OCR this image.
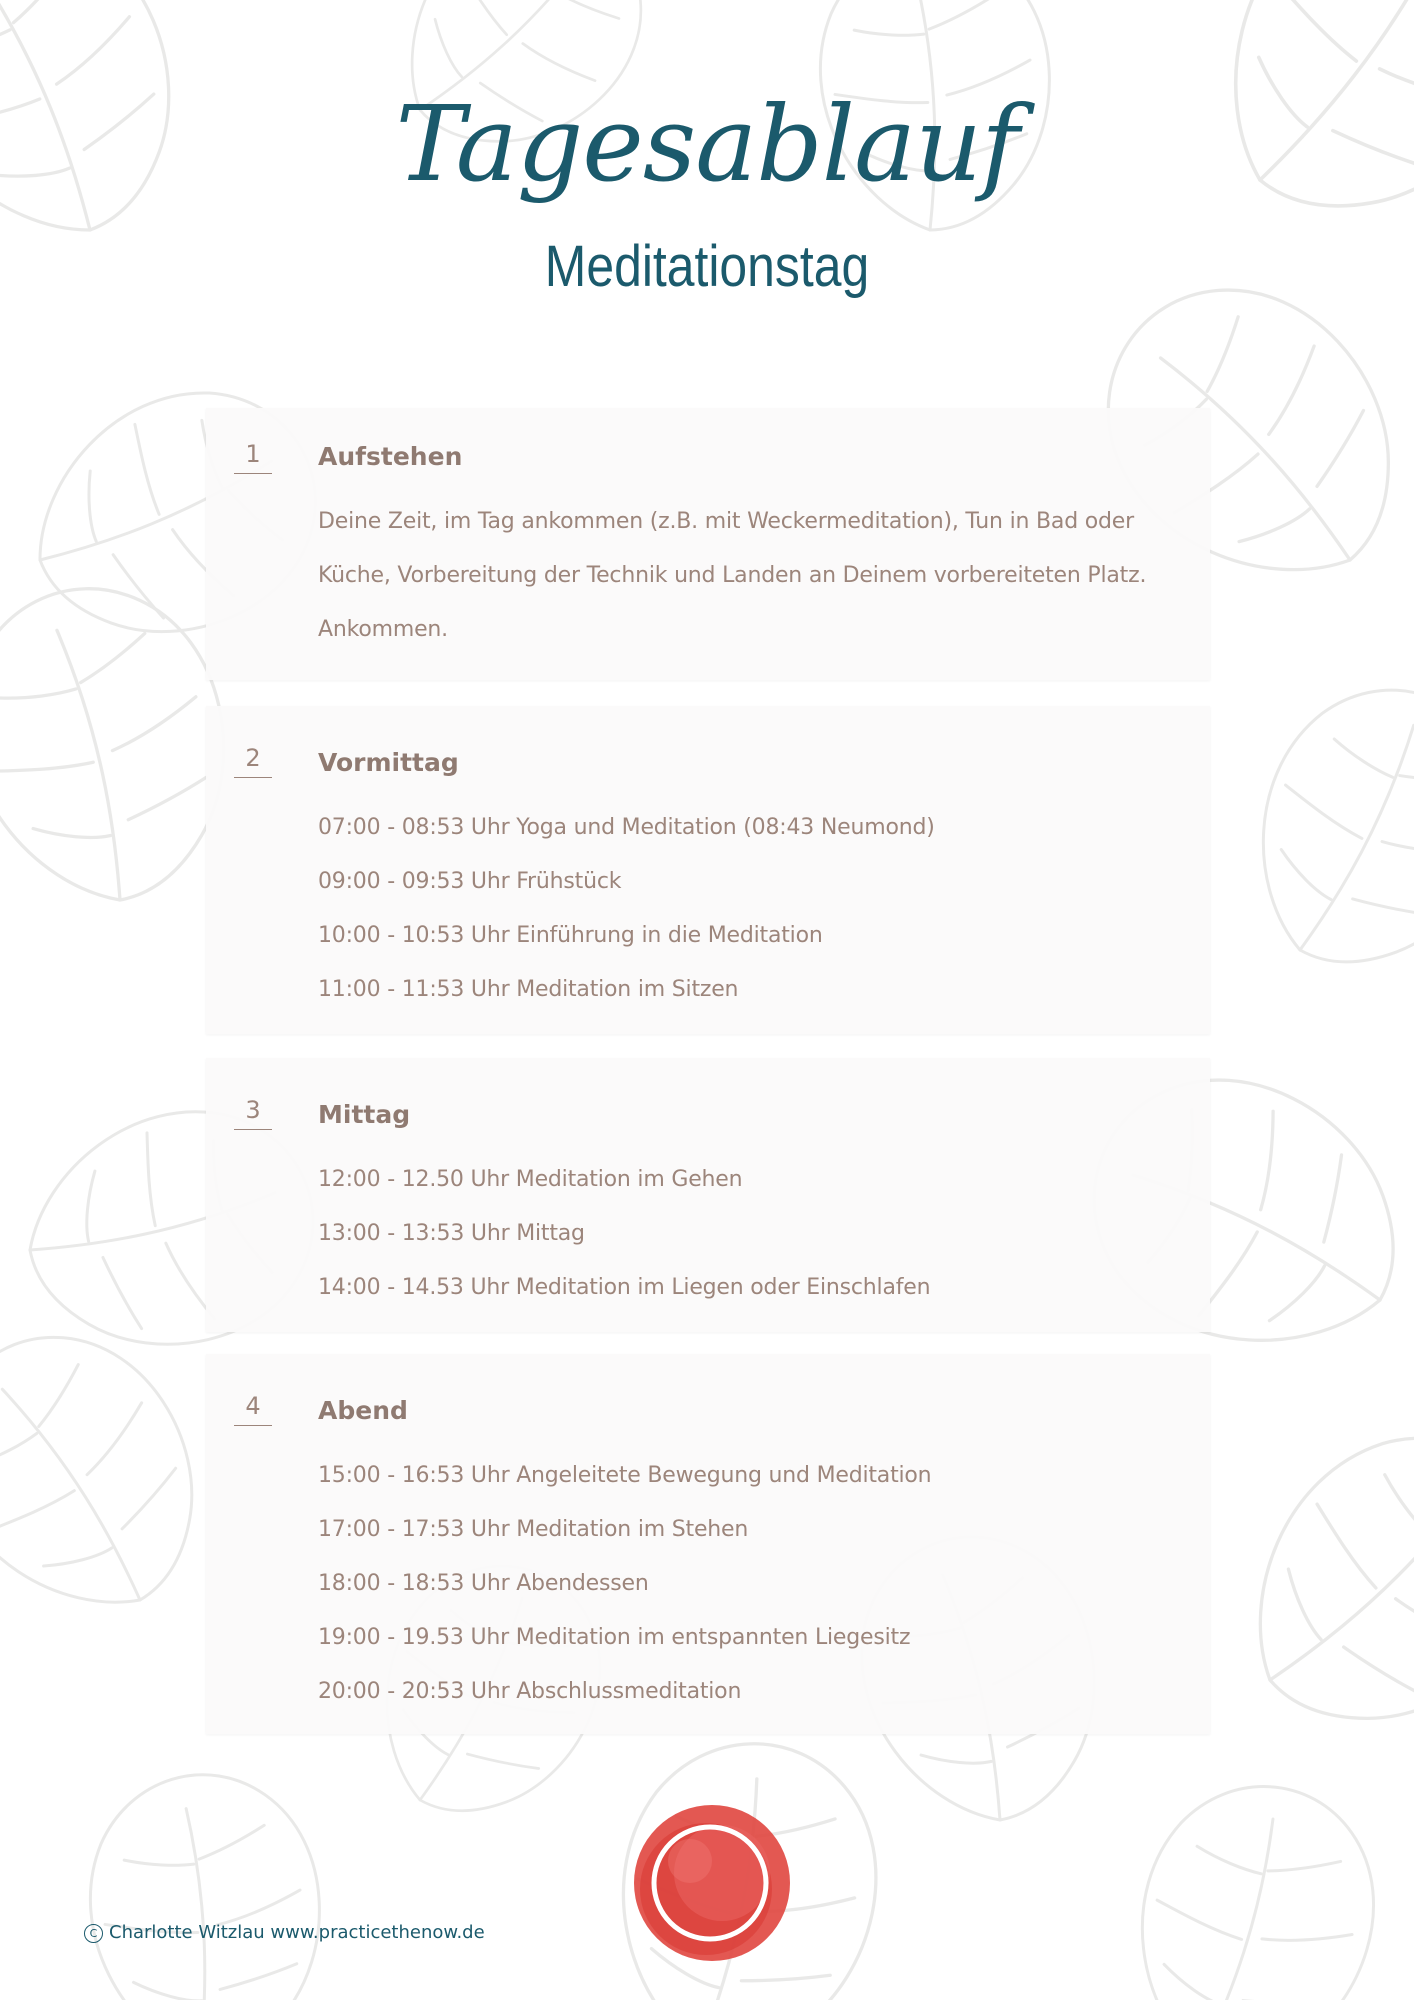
Tagesablauf
Meditationstag
1	Aufstehen
Deine Zeit, im Tag ankommen (z.B. mit Weckermeditation), Tun in Bad oder
Küche, Vorbereitung der Technik und Landen an Deinem vorbereiteten Platz.
Ankommen.
2	Vormittag
07:00 - 08:53 Uhr Yoga und Meditation (08:43 Neumond)
09:00 - 09:53 Uhr Frühstück
10:00 - 10:53 Uhr Einführung in die Meditation
11:00 - 11:53 Uhr Meditation im Sitzen
3	Mittag
12:00 - 12.50 Uhr Meditation im Gehen
13:00 - 13:53 Uhr Mittag
14:00 - 14.53 Uhr Meditation im Liegen oder Einschlafen
4	Abend
15:00 - 16:53 Uhr Angeleitete Bewegung und Meditation
17:00 - 17:53 Uhr Meditation im Stehen
18:00 - 18:53 Uhr Abendessen
19:00 - 19.53 Uhr Meditation im entspannten Liegesitz
20:00 - 20:53 Uhr Abschlussmeditation
C Charlotte Witzlau www.practicethenow.de
